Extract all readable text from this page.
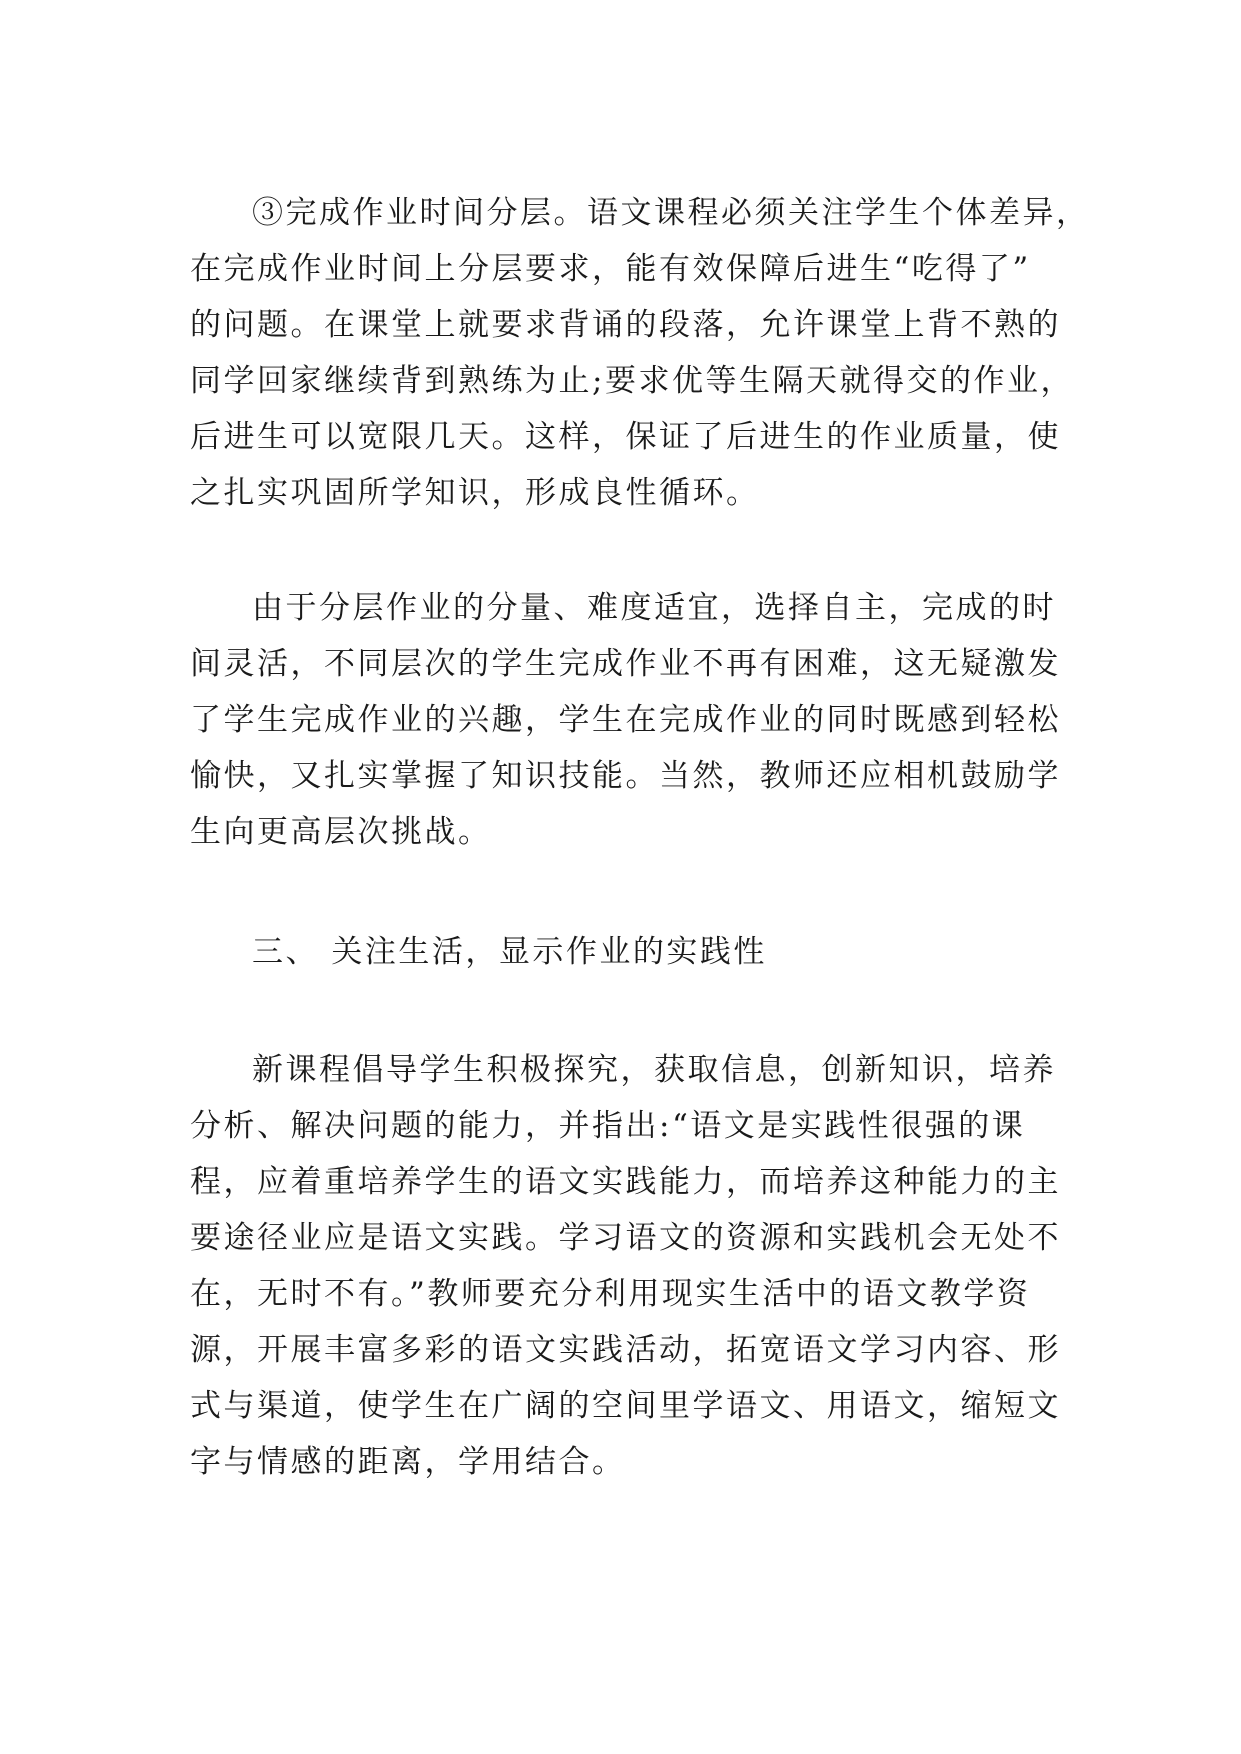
③完成作业时间分层。语文课程必须关注学生个体差异，
在完成作业时间上分层要求，能有效保障后进生“吃得了”
的问题。在课堂上就要求背诵的段落，允许课堂上背不熟的
同学回家继续背到熟练为止;要求优等生隔天就得交的作业，
后进生可以宽限几天。这样，保证了后进生的作业质量，使
之扎实巩固所学知识，形成良性循环。
由于分层作业的分量、难度适宜，选择自主，完成的时
间灵活，不同层次的学生完成作业不再有困难，这无疑激发
了学生完成作业的兴趣，学生在完成作业的同时既感到轻松
愉快，又扎实掌握了知识技能。当然，教师还应相机鼓励学
生向更高层次挑战。
三、 关注生活，显示作业的实践性
新课程倡导学生积极探究，获取信息，创新知识，培养
分析、解决问题的能力，并指出:“语文是实践性很强的课
程，应着重培养学生的语文实践能力，而培养这种能力的主
要途径业应是语文实践。学习语文的资源和实践机会无处不
在，无时不有。”教师要充分利用现实生活中的语文教学资
源，开展丰富多彩的语文实践活动，拓宽语文学习内容、形
式与渠道，使学生在广阔的空间里学语文、用语文，缩短文
字与情感的距离，学用结合。
